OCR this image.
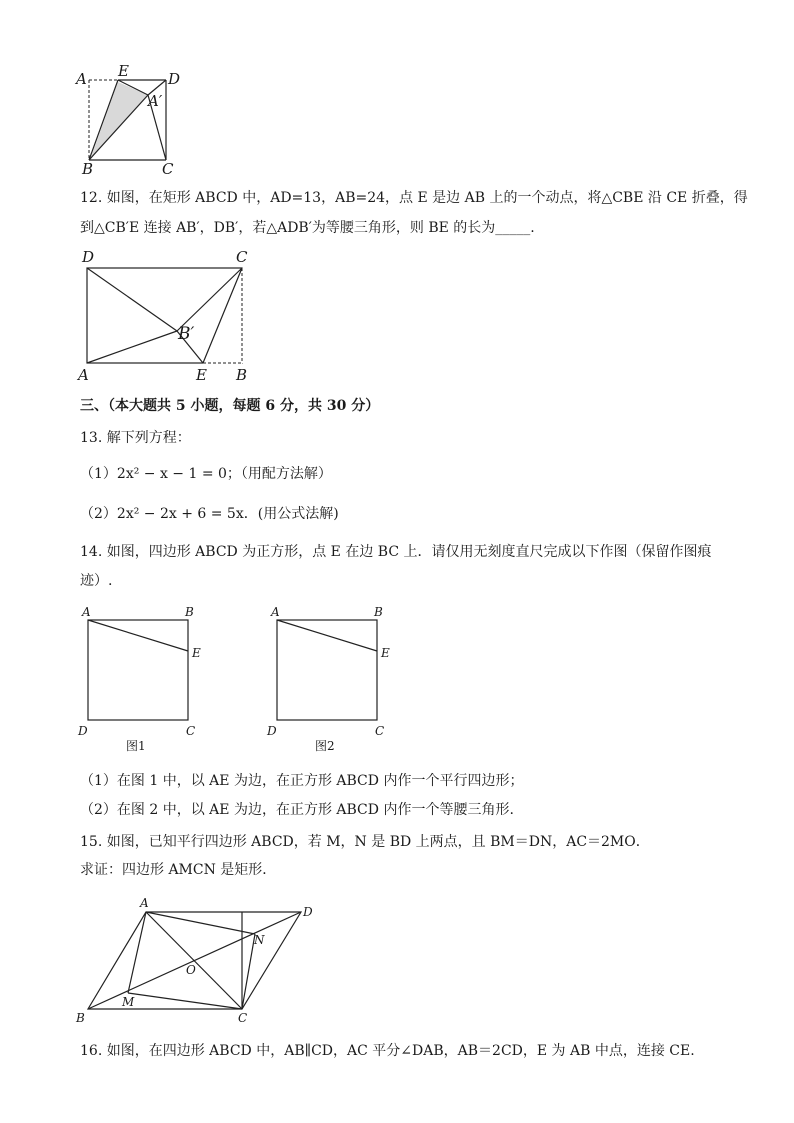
A E	D
A′
B	C
12. 如图，在矩形 ABCD 中，AD=13，AB=24，点 E 是边 AB 上的一个动点，将△CBE 沿 CE 折叠，得
到△CB′E 连接 AB′，DB′，若△ADB′为等腰三角形，则 BE 的长为_____.
D	C
B′
A	E B
三、（本大题共 5 小题，每题 6 分，共 30 分）
13. 解下列方程：
（1）2x² − x − 1 = 0；（用配方法解）
（2）2x² − 2x + 6 = 5x．(用公式法解)
14. 如图，四边形 ABCD 为正方形，点 E 在边 BC 上．请仅用无刻度直尺完成以下作图（保留作图痕
迹）.
A	B
E
D	C
图1
A	B
E
D	C
图2
（1）在图 1 中，以 AE 为边，在正方形 ABCD 内作一个平行四边形；
（2）在图 2 中，以 AE 为边，在正方形 ABCD 内作一个等腰三角形.
15. 如图，已知平行四边形 ABCD，若 M，N 是 BD 上两点，且 BM＝DN，AC＝2MO．
求证：四边形 AMCN 是矩形．
A
D
N
O
M
B	C
16. 如图，在四边形 ABCD 中，AB∥CD，AC 平分∠DAB，AB＝2CD，E 为 AB 中点，连接 CE.
